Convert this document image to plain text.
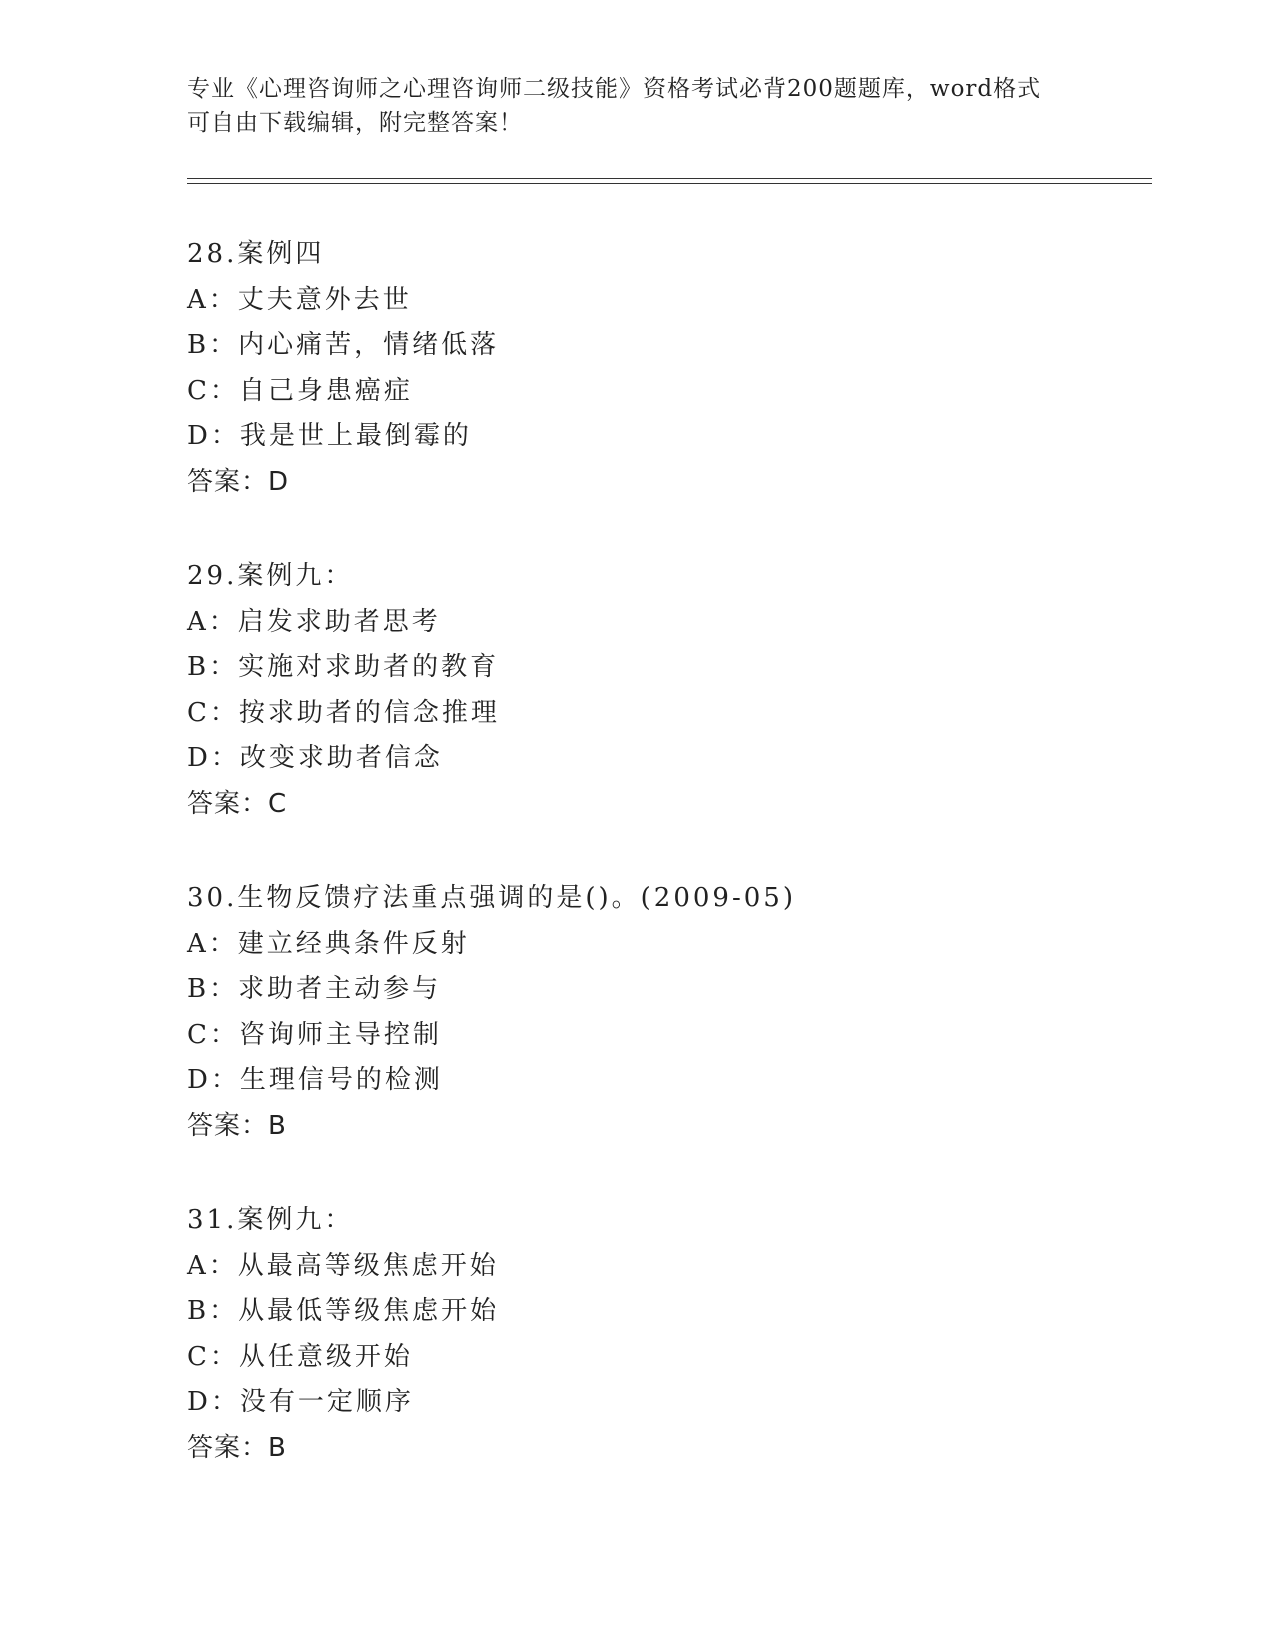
专业《心理咨询师之心理咨询师二级技能》资格考试必背200题题库，word格式
可自由下载编辑，附完整答案！
28.案例四
A：丈夫意外去世
B：内心痛苦，情绪低落
C：自己身患癌症
D：我是世上最倒霉的
答案：D
29.案例九：
A：启发求助者思考
B：实施对求助者的教育
C：按求助者的信念推理
D：改变求助者信念
答案：C
30.生物反馈疗法重点强调的是()。(2009-05)
A：建立经典条件反射
B：求助者主动参与
C：咨询师主导控制
D：生理信号的检测
答案：B
31.案例九：
A：从最高等级焦虑开始
B：从最低等级焦虑开始
C：从任意级开始
D：没有一定顺序
答案：B
